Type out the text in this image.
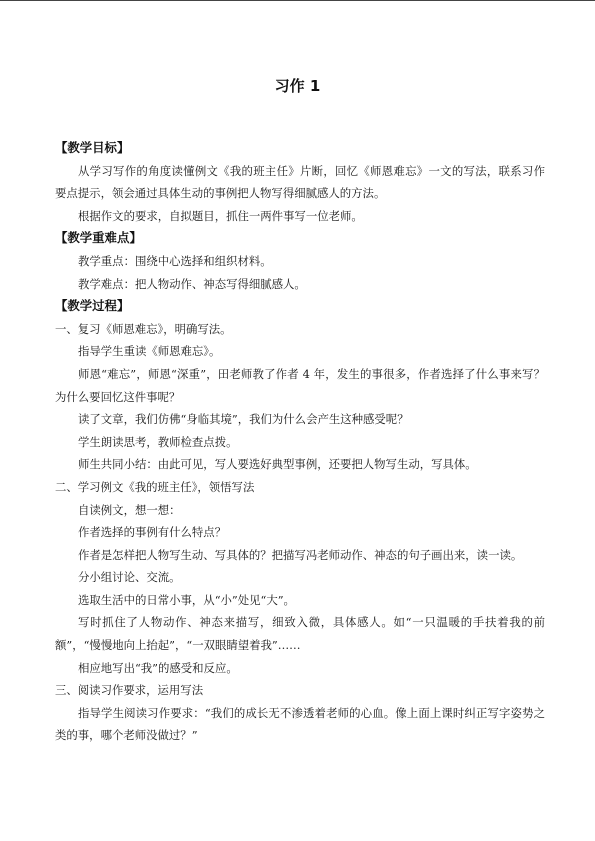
习作 1
【教学目标】

从学习写作的角度读懂例文《我的班主任》片断，回忆《师恩难忘》一文的写法，联系习作要点提示，领会通过具体生动的事例把人物写得细腻感人的方法。

根据作文的要求，自拟题目，抓住一两件事写一位老师。

【教学重难点】

教学重点：围绕中心选择和组织材料。

教学难点：把人物动作、神态写得细腻感人。

【教学过程】

一、复习《师恩难忘》，明确写法。

指导学生重读《师恩难忘》。

师恩“难忘”，师恩“深重”，田老师教了作者 4 年，发生的事很多，作者选择了什么事来写？为什么要回忆这件事呢？

读了文章，我们仿佛“身临其境”，我们为什么会产生这种感受呢？

学生朗读思考，教师检查点拨。

师生共同小结：由此可见，写人要选好典型事例，还要把人物写生动，写具体。

二、学习例文《我的班主任》，领悟写法

自读例文，想一想：

作者选择的事例有什么特点？

作者是怎样把人物写生动、写具体的？把描写冯老师动作、神态的句子画出来，读一读。

分小组讨论、交流。

选取生活中的日常小事，从“小”处见“大”。

写时抓住了人物动作、神态来描写，细致入微，具体感人。如“一只温暖的手扶着我的前额”，“慢慢地向上抬起”，“一双眼睛望着我”……

相应地写出“我”的感受和反应。

三、阅读习作要求，运用写法

指导学生阅读习作要求：“我们的成长无不渗透着老师的心血。像上面上课时纠正写字姿势之类的事，哪个老师没做过？”
